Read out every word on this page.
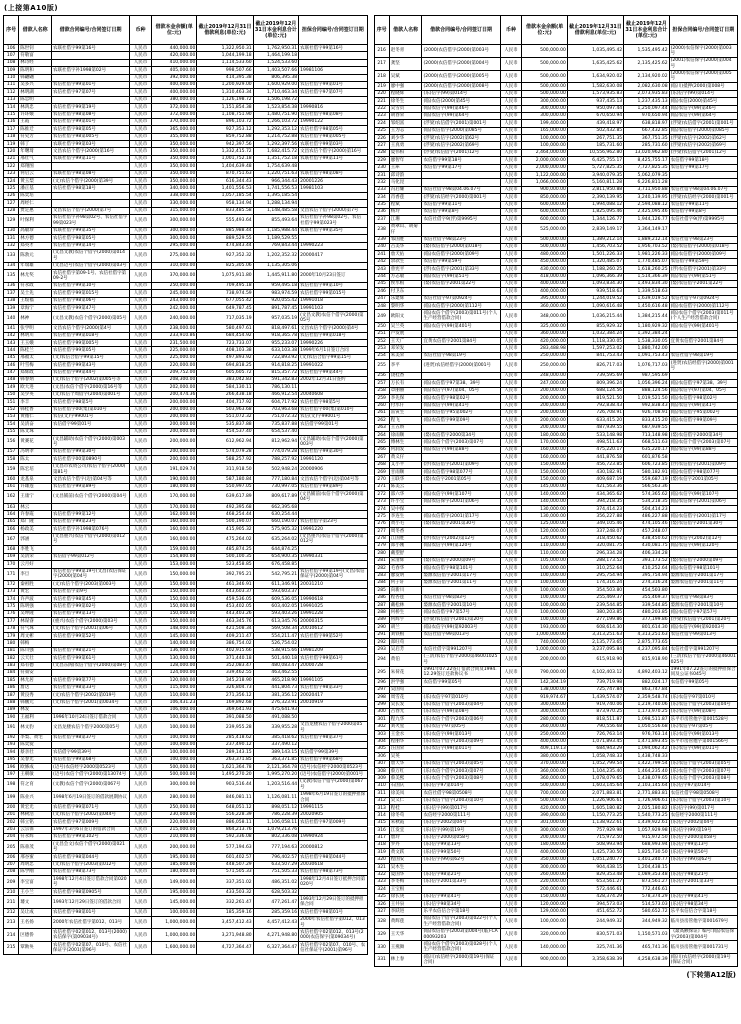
(上接第A10版)
序号	借款人名称	借款合同编号/合同签订日期	币种	借款本金余额(单位:元)	截止2019年12月31日借款利息(单位:元)	截止2019年12月31日本金利息合计(单位:元)	担保合同编号/合同签订日期
106	陈世钊	农联社借字99第16号	人民币	440,000.00	1,322,950.31	1,762,950.31	农联社借字99第16号
107	符敬富		人民币	420,000.00	1,044,199.18	1,464,199.18	
108	林诗经		人民币	410,000.00	1,114,533.60	1,524,533.60	
109	陈明和	农联社借字补1998第02号	人民币	405,000.00	998,507.66	1,403,507.66	19981106
110	韩翩翩		人民币	392,000.00	414,395.38	806,395.38	
111	吴多兴	农信社借字99第01号	人民币	400,000.00	1,200,929.00	1,600,929.00	农信社借字99第01号
112	林明湖	农信社借字97第07号	人民币	400,000.00	1,310,463.34	1,710,463.34	农信社借字97第07号
113	陈忠明		人民币	380,000.00	1,126,198.72	1,506,198.72	
114	林鸿忠	农信社借字99第19号	人民币	372,000.00	1,151,854.38	1,523,854.38	19990816
115	许环娥	农信社借字98第08号	人民币	372,000.00	1,108,751.90	1,480,751.90	农信社借字98第08号
116	王霞	农信社借字99第01号	人民币	370,000.00	896,103.72	1,266,103.72	19990122
117	陈推迁	农信社借字98第05号	人民币	365,000.00	927,353.12	1,292,353.12	农信社借字98第05号
118	符史芳	农信社借字98第005号	人民币	355,000.00	859,752.88	1,214,752.88	农信社借字98第005号
119	韩丁	农联社借字99第03号	人民币	350,000.00	942,397.56	1,292,397.56	农联社借字99第03号
120	年曙琦	文昌农信个借字(2000)第16号	人民币	350,000.00	1,332,415.72	1,682,415.72	文昌农信个借字(2000)第16号
121	邢壮气	农联社借字99第11号	人民币	350,000.00	1,001,752.18	1,351,752.18	农联社借字99第11号
122	郑翔图		人民币	350,000.00	1,404,639.48	1,754,639.48	
123	何启云	农联社借字98第08号	人民币	350,000.00	870,751.63	1,220,751.63	农联社借字98第08号
124	黄玉梨	(文)农信个借字(2000)第39号	人民币	350,000.00	616,344.43	966,344.43	20001226
125	潘正基	农信社借字98第18号	人民币	340,000.00	1,401,556.53	1,741,556.53	19981103
126	陈奕培		人民币	338,000.00	1,057,185.54	1,395,185.54	
127	周经仁		人民币	330,000.00	958,134.94	1,288,134.94	
128	贾定惠	文昌农信个借字(2000)第7号	人民币	315,000.00	833,485.58	1,148,485.58	文昌农信个借字(2000)第7号
129	叶保利	农信社借字补98第02号、农信社借字99第023号	人民币	300,000.00	555,493.64	855,493.64	农信社借字补98第02号、农信社借字99第023号
130	高敏珍	农联社借字99第35号	人民币	300,000.00	885,988.44	1,185,988.44	农联社借字99第35号
131	林方德	农信社借字98第05号	人民币	300,000.00	889,529.55	1,189,529.55	
132	郑英才	农信社借字99第14号	人民币	295,000.00	474,843.44	769,843.44	19990223
133	陈勃元	(文昌文教)农信个借字(2000)第014号	人民币	275,000.00	927,352.32	1,202,352.32	20000417
134	年瑞雄	(文昌迈号)农信个借字(2000)第03号	人民币	310,000.00	825,305.06	1,135,305.06	
135	林尤奖	农信社借字第09-1号、农信社借字第09-2号	人民币	370,000.00	1,075,911.80	1,445,911.80	2000年10月23日签订
136	符永政	农信社借字99第10号	人民币	250,000.00	709,495.18	959,495.18	农信社借字99第10号
137	吴士先	农信社借字99第015号	人民币	245,000.00	738,974.59	983,974.59	农信社借字99第015号
138	王绥福	农信社借字98第06号	人民币	243,000.00	677,055.42	920,055.42	19991018
139	章海宁	农信社借字99第47号	人民币	242,000.00	649,787.45	891,787.45	19991103
140	林神	(文昌文教)农信个借字(2000)第05号	人民币	240,000.00	717,035.19	957,035.19	(文昌文教)农信个借字(2000)第05号
141	张学明	文昌农信个借字(2000)第4号	人民币	238,000.00	580,497.61	818,497.61	文昌农信个借字(2000)第4号
142	林明川	农信社借字99第018号	人民币	233,910.86	684,454.92	918,365.78	农信社借字99第018号
143	王玉娥	农信社借字99第005号	人民币	231,500.00	723,733.07	955,233.07	19990226
144	陈桂兰	农信社借字99第05号	人民币	225,000.00	408,103.38	633,103.38	1999年6月1日签订合同
145	邢福太	(文)农信合借字99第15号	人民币	225,000.00	497,893.92	722,893.92	(文)农信合借字99第15号
146	叶雪梅	农信社借字99第43号	人民币	220,000.00	694,818.25	914,818.25	19991022
147	郑辉政	农信社借字99第44号	人民币	209,752.00	605,605.72	815,357.72	农信社借字99第44号
148	韩春炳	(文)农信个借字(2002)第005号等	人民币	208,300.00	383,042.83	591,342.83	2002年12月31日签约
149	欧大进	(文昌)农信个借字(2000)第16号等	人民币	202,000.00	584,130.11	786,130.11	
150	吴少英	(文)农信个周借字(2004)第001号	人民币	200,474.36	266,438.18	466,912.54	20040608
151	李丰	农信社借字98第5号	人民币	200,000.00	404,717.92	604,717.92	农信社借字98第5号
152	韩桂香	农信社借字00(集)第010号	人民币	200,000.00	503,963.68	703,963.68	农信社借字00(集)第010号
153	黄循仁	农信(文)字99001号	人民币	200,000.00	551,072.32	751,072.32	农信(文)字99001号
154	吴清奋	农信借字99第01号	人民币	200,000.00	535,837.88	735,837.88	农信借字99第01号
155	陈文珠		人民币	200,000.00	454,537.40	654,537.40	
156	黄赛花	(文昌辅助)农信个借字(2000)第003号	人民币	200,000.00	612,962.94	812,962.94	(文昌辅助)农信个借字(2000)第003号
157	冯明孝	农信社借字99第30号	人民币	200,000.00	574,079.28	774,079.28	农信社借字99第30号
158	陈太	农信社借字00第0890号	人民币	200,000.00	588,257.92	788,257.92	19991120
159	陈宏培	(文昌市农资公司)农信个借字(2000)第81号	人民币	191,029.74	311,918.50	502,948.24	20000906
160	龙基泉	文昌农信个借字(迈)第04号等	人民币	190,000.00	587,180.84	777,180.84	文昌农信个借字(迈)第04号等
161	许雄莲	农信社借字99第89号	人民币	180,000.00	550,997.05	730,997.05	农信社借字99第89号
162	王康宁	(文昌铺前)农信个借字(2000)第04号	人民币	170,000.00	639,617.89	809,617.89	(文昌铺前)农信个借字(2000)第04号
163	林云		人民币	170,000.00	492,395.68	662,395.68	
164	许春霞	农信社借字99第12号	人民币	162,000.00	468,254.44	630,254.44	
165	郑广隆	农信社借字99第23号	人民币	160,000.00	500,190.07	660,190.07	农信社借字第23号
166	杨政美	农信社借字补1998第076号	人民币	160,000.00	415,905.32	575,905.32	19991220
167	郭涵	(文昌重兴)农信个借字(2000)第012号	人民币	160,000.00	475,264.02	635,264.02	(文昌重兴)农信个借字(2000)第012号
168	李胜飞		人民币	159,000.00	485,874.25	644,874.25	
169	吴清荣	农信借字99第012号	人民币	154,800.00	500,100.35	654,900.35	19990331
170	云月好		人民币	153,000.00	523,458.85	676,458.85	
171	李旦	农信社借字99第19号(文昌)农信保证字(2000)第04号	人民币	150,000.00	392,795.21	542,795.21	农信社借字99第19号(文昌)农信保证字(2000)第04号
172	秦祖胜	(文)农信个借字(2003)第003号	人民币	150,000.00	461,346.91	611,346.91	20031210
173	黄宏	农信社借字第9号	人民币	150,000.00	443,603.37	593,603.37	
174	许声波	农信社借字98第45号	人民币	150,000.00	459,536.05	609,536.05	19990618
175	陈明强	农信社借字99第02号	人民币	150,000.00	453,402.05	603,402.05	19991025
176	吴坤隆	农信社借字99第13号	人民币	150,000.00	443,403.26	593,403.26	19991228
177	林谋睿	(重兴)农信个借字(2000)第03号	人民币	150,000.00	463,345.76	613,345.76	20000315
178	符气珠	(文)农信个借字(2001)第06号	人民币	148,000.00	421,508.34	569,508.34	20010612
179	周文彬	农信社借字99第52号	人民币	145,000.00	409,211.47	554,211.47	农信社借字99第52号
180	韩梅		人民币	140,000.00	386,754.02	526,754.02	
181	陈川强	农信社借字98第21号	人民币	136,000.00	402,915.66	538,915.66	19981209
182	云天壮	农信社借字99第61号	人民币	130,000.00	371,440.18	501,440.18	农信社借字99第61号
183	郑有德	(文昌东阁)农信个借字(2000)第08号	人民币	128,000.00	352,083.47	480,083.47	20000728
184	符策安		人民币	124,000.00	339,462.55	463,462.55	
185	林尤居	农信社借字99第77号	人民币	120,000.00	345,218.90	465,218.90	19991105
186	詹达	农信社借字98第33号	人民币	115,000.00	326,804.73	441,804.73	农信社借字98第33号
187	黄良秀	(文)农信个借字(2002)第019号	人民币	110,000.00	271,356.12	381,356.12	20020417
188	韩鹏元	(文)农信个借字(2001)第0034号	人民币	106,431.23	169,892.68	276,323.91	20010919
189	林发		人民币	106,000.00	369,641.93	475,641.93	
190	王福利	1996年10月24日签订借款合同	人民币	100,000.00	391,088.50	491,088.50	
191	林文豹	文昌龙楼农信个借字2000第05号	人民币	100,000.00	239,955.28	339,955.28	文昌龙楼农信个借字2000第05号
192	李梨、黄宅	农信社借字98第37号	人民币	100,000.00	285,418.62	385,418.62	农信社借字98第37号
193	陈奕爱		人民币	100,000.00	237,490.12	337,490.12	
194	蔡亲壮	农信借字99第39号	人民币	100,000.00	289,143.15	389,143.15	农信借字99第39号
195	吴春光	农信社借字99第68号	人民币	100,000.00	263,371.85	363,371.85	农信社借字99第68号
196	欧修成	(迈号)农信经字2000第0523号	人民币	500,000.00	1,621,364.78	2,121,364.78	(迈号)农信经字2000第0523号
197	王朝敏	(迈号)农信个借字(2000)第13074号	人民币	500,000.00	1,495,270.20	1,995,270.20	(迈号)农信借字(2000)第001号
198	符之育	(文教)农信个借字(2000)第067号	人民币	300,000.00	903,516.44	1,203,516.44	(文教)农信个借字(2000)第067号
199	陈业兴	1998年6月19日签订的借款展期协议	人民币	280,000.00	846,081.11	1,126,081.11	1998年6月19日签订的抵押担保合同
200	黄宏光	农信社借字99第071号	人民币	250,000.00	648,051.12	898,051.12	19991115
201	林树浩	(文)农信个借字(2002)第044号	人民币	230,000.00	556,228.39	786,228.39	20020905
202	韩立铭	农信社借字97第009号	人民币	220,000.00	886,058.11	1,106,058.11	农信社借字97第009号
203	云宗保	1997年3月6日签订的借款合同	人民币	215,000.00	864,213.76	1,079,213.76	
204	符永辉	农信社借字99第102号	人民币	210,000.00	592,336.08	802,336.08	19990924
205	陈垂茂	(文昌会文)农信个借字(2000)第021号	人民币	200,000.00	577,194.63	777,194.63	20000812
206	邢谷蜜	农信社借字98第044号	人民币	195,000.00	601,402.57	796,402.57	农信社借字98第044号
207	周明忠	(文)农信个借字(2003)第012号	人民币	185,000.00	448,507.29	633,507.29	20030618
208	陈学刚	农信社借字98第73号	人民币	180,000.00	571,505.33	751,505.33	农信社借字98第73号
209	李宝富	1998年12月4日签订借款合同第020号	人民币	149,000.00	337,351.02	486,351.02	1998年12月4日签订抵押合同第020号
210	王小兰	农信社借字98第0905号	人民币	195,000.00	433,503.32	628,503.32	
211	璩文	1993年12月29日签订的借款合同	人民币	145,000.00	332,261.47	477,261.47	1993年12月29日签订的抵押担保合同
212	吴让成	农信社借字98第01号	人民币	100,000.00	185,359.16	285,359.16	农信社借字98第01号
213	王名扬	2000年农信社借字第012、013号	人民币	1,000,000.00	3,457,412.43	4,457,412.43	2000年农信社借字第012、013号
214	区德侨	农信社借字02第012、013号(2000)农信保字(第09034号)	人民币	1,000,000.00	3,271,948.80	4,271,948.80	农信社借字02第012、013号(2000)农信保字(第09034号)
215	覃勋奂	农信社借字02第07、010号、农信社保证字(2001)第96号	人民币	1,600,000.00	4,727,364.47	6,327,364.47	农信社借字02第07、010号、农信社保证字(2001)第96号
序号	借款人名称	借款合同编号/合同签订日期	币种	借款本金余额(单位:元)	截止2019年12月31日借款利息(单位:元)	截止2019年12月31日本金利息合计(单位:元)	担保合同编号/合同签订日期
216	赵冬青	(2000)农信借字(2000)第003号	人民币	500,000.00	1,035,495.42	1,535,495.42	(2000)农信保字(2000)第003号
217	龚坚	(2000)农信借字(2000)第004号	人民币	500,000.00	1,635,425.62	2,135,425.62	(2001)农信保字(2000)第004号
218	吴斌	(2000)农信借字(2000)第005号	人民币	500,000.00	1,634,920.02	2,134,920.02	(2000)农信保字(2000)第005号
219	廖中强	(2000)农信借字(2000)第008号	人民币	500,000.00	1,582,630.08	2,082,630.08	(临川)抵押(2000)第008号
220	程晓辉	(乐)信字(99)第014号	人民币	500,000.00	1,573,935.83	2,073,935.83	(乐)信字(99)第014号
221	徐冬生	(临)农信(2000)第45号	人民币	300,000.00	937,435.13	1,237,435.13	(临)农信(2000)第45号
222	吴雪贞	(临)农信字(99)第46号	人民币	300,000.00	950,097.44	1,250,097.44	(临)农信字(99)第46号
223	胡春荣	(临)农信字(99)第64号	人民币	300,000.00	670,650.94	970,650.94	(临)农信字(99)第64号
224	邹绍富	(浮梁)农信借字(2001)第001号	人民币	199,400.00	439,418.97	638,818.97	(浮梁)农信借字(2001)第001号
225	王为志	(临)农信借字(2000)第085号	人民币	165,000.00	502,432.85	667,432.85	(临)农信借字(2000)第085号
226	刘少华	(浮梁)农信字(2002)第62号	人民币	100,000.00	267,751.35	367,751.35	(浮梁)农信字(2002)第62号
227	王真勇	(浮梁)农信字(2002)第69号	人民币	100,000.00	185,731.60	285,731.60	(浮梁)农信字(2002)第69号
228	夏伟柏	(浮梁)农信借字(2001)12号	人民币	2,464,000.00	10,556,962.80	13,020,962.80	(浮梁)农信借字(2001)12号
229	廖智年	农信借字99第18号	人民币	2,000,000.00	6,425,755.17	8,425,755.17	农信借字99第18号
230	王犀	农信借字99第17号	人民币	2,000,000.00	5,727,825.35	7,727,825.35	农信借字99第17号
231	邱诗韵		人民币	1,122,000.00	3,940,079.35	5,062,079.35	
232	马化昆		人民币	1,066,000.00	5,160,811.28	6,226,811.28	
233	冯启耀	农信社借字98第04.06.07号	人民币	900,000.00	2,811,950.88	3,711,950.88	农信社借字98第04.06.07号
234	肖香莲	(浮梁)农信经字(2000)第001号	人民币	850,000.00	2,390,139.95	3,240,139.95	(浮梁)农信经字(2000)第001号
235	程斌	农信借字99第11号	人民币	600,000.00	1,994,088.12	2,594,088.12	农信借字99第11号
236	杨玲	农信借字99第8号	人民币	600,000.00	1,825,095.46	2,425,095.46	农信借字99第8号
237	江珊	农信社借字9(浮)第9995号	人民币	600,000.00	1,344,126.77	1,944,126.77	农信社借字9(浮)第9995号
238	黄翠山、胡菊仔		人民币	525,000.00	2,839,149.17	3,364,149.17	
239	邹国胜	农信社借字98第23号	人民币	500,000.00	1,389,212.14	1,889,212.14	农信社借字98第23号
240	占美华	(婺)农信借字(2000)第018号	人民币	500,000.00	1,456,703.52	1,956,703.52	(婺)农信借字(2000)第018号
241	詹天佑	(临)农信借字(2000)第09号	人民币	480,000.00	1,501,226.33	1,981,226.33	(临)农信借字(2000)第09号
242	余款生	农信借字99第59号	人民币	450,000.00	1,320,485.07	1,770,485.07	农信借字99第59号
243	曾宪平	(浮)农信借字(2001)第33号	人民币	430,000.00	1,188,260.25	1,618,260.25	(浮)农信借字(2001)第33号
244	方志敏	(临)农信字(99)第51号	人民币	418,000.00	1,096,366.39	1,514,366.39	(临)农信字(99)第51号
245	侯水根	(婺)农信借字2001第22号	人民币	400,000.00	1,093,834.30	1,493,834.30	(婺)农信借字2001第22号
246	付卫东		人民币	400,000.00	939,518.63	1,339,518.63	
247	乐建辉	农信社借字97第0924号	人民币	395,000.00	1,244,019.52	1,639,019.52	农信社借字97第0924号
248	黎明华	(临)农信借字(2000)第112号	人民币	360,000.00	1,090,616.48	1,450,616.48	(临)农信借字(2000)第112号
249	欧阳文	(临)农信个借字(2003)第011号(个人生产经营借款合同)	人民币	348,000.00	1,036,215.44	1,384,215.44	(临)农信个借字(2003)第011号(个人生产经营借款合同)
250	吴兰英	(临)农信字(99)第401号	人民币	325,000.00	855,929.32	1,180,929.32	(临)农信字(99)第401号
251	卢发展		人民币	360,000.00	1,032,384.24	1,392,384.24	
252	王天广	宜黄农信借字2001第84号	人民币	420,000.00	1,118,330.05	1,538,330.05	宜黄农信借字2001第84号
253	邓荣发		人民币	283,488.98	1,597,253.02	1,880,742.00	
254	朱美荣	农信社借字98第19号	人民币	250,000.00	841,753.43	1,091,753.43	农信社借字98第19号
255	李平	(进贤)农信经借字(2000)第001号	人民币	250,000.00	826,717.03	1,076,717.03	(进贤)农信经借字(2000)第001号
256	饶桂香		人民币	248,000.00	739,595.69	987,595.69	
257	万长有	(临)农信借字97第38、39号	人民币	247,000.00	809,396.24	1,056,396.24	(临)农信借字97第38、39号
258	章丽丽	(临)农信字(97)第04、05号	人民币	200,000.00	688,124.56	888,124.56	(临)农信字(97)第04、05号
259	李先保	(临)农信借字98第02号	人民币	200,000.00	819,521.50	1,019,521.50	(临)农信借字98第02号
260	付水仔	(临)农信字(99)第41号	人民币	200,000.00	792,838.43	992,838.43	(临)农信字(99)第41号
261	雷寅生	(临)农信借字95第002号	人民币	200,000.00	726,708.91	926,708.91	(临)农信借字95第002号
262	程飞	(临)农信借字99第09号	人民币	200,000.00	633,415.20	833,415.20	(临)农信借字99第09号
263	王五娇		人民币	200,000.00	487,939.55	687,939.55	
264	徐雨顺	(婺)农信借字2000第34号	人民币	180,000.00	533,148.98	713,148.98	(婺)农信借字2000第34号
265	傅林生	(临)农信个借字(2003)第07号	人民币	170,000.00	498,511.63	668,511.63	(临)农信个借字(2003)第07号
266	何润发	(临)农信字(99)第88号	人民币	160,000.00	475,220.17	635,220.17	(临)农信字(99)第88号
267	黄义仔		人民币	160,000.00	441,876.58	601,876.58	
268	艾小平	(浮)农信借字(2001)第09号	人民币	150,000.00	456,723.85	606,723.85	(浮)农信借字(2001)第09号
269	甘雨顺	(临)农信借字98第077号	人民币	150,000.00	430,182.91	580,182.91	(临)农信借字98第077号
270	王联华	(婺)农信字2001第05号	人民币	150,000.00	409,687.19	559,687.19	(婺)农信字2001第05号
271	陈美云		人民币	145,000.00	421,563.36	566,563.36	
272	邵六华	(临)农信字(99)第107号	人民币	140,000.00	434,365.62	574,365.62	(临)农信字(99)第107号
273	许小宝	(临)农信保字(2001)第06号	人民币	140,000.00	394,218.35	534,218.35	(临)农信保字(2001)第06号
274	吴中保		人民币	130,000.00	374,414.23	504,414.23	
275	李连生	(临)农信借字(2001)第17号	人民币	130,000.00	356,227.88	486,227.88	(临)农信借字(2001)第17号
276	黄小毛	(婺)农信借字2001第30号	人民币	125,000.00	349,105.46	474,105.46	(婺)农信借字2001第30号
277	周冬香		人民币	120,000.00	337,248.07	457,248.07	
278	江国胜	(浮)农信字(2002)第12号	人民币	120,000.00	318,450.62	438,450.62	(浮)农信字(2002)第12号
279	郑小刚	(临)农信字(99)第120号	人民币	110,000.00	320,081.75	430,081.75	(临)农信字(99)第120号
280	戴望舒		人民币	110,000.00	296,334.28	406,334.28	
281	宋清辉	(婺)农信借字2000第09号	人民币	105,000.00	288,173.52	393,173.52	(婺)农信借字2000第09号
282	毛春华	(临)农信借字98第101号	人民币	100,000.00	310,252.64	410,252.64	(临)农信借字98第101号
283	廖发明	婺源农信借字2001第17号	人民币	100,000.00	295,754.94	395,754.94	婺源农信借字2001第17号
284	何子轩	婺源农信借字2001第11号	人民币	100,000.00	174,316.24	274,316.24	婺源农信借字2001第11号
285	向新川		人民币	100,000.00	354,503.80	454,503.80	
286	程杏莲	农信社借字98第83号	人民币	100,000.00	255,469.37	355,469.37	农信社借字98第83号
287	戴松林	婺源农信借字2001第10号	人民币	100,000.00	239,544.85	339,544.85	婺源农信借字2001第10号
288	何桥生	(临)农信借字97第57号	人民币	100,000.00	380,203.85	480,203.85	(临)农信借字97第57号
289	何辉宇	(浮梁)农信借字(2001)第20号	人民币	100,000.00	277,199.86	377,199.86	(浮梁)农信借字(2001)第20号
290	胡兰	(临)农信字(99)第92003号	人民币	193,000.00	608,614.30	801,614.30	(临)农信字(99)第92003号
291	刘铁根	农信社借字99第013号	人民币	1,000,000.00	3,313,251.63	4,313,251.63	农信社借字99第013号
292	郑旺苟		人民币	740,000.00	2,135,773.65	2,875,773.65	
293	吴启芳	农信社借字第991207号	人民币	1,000,000.00	3,237,095.84	4,237,095.84	农信社借字第991207号
294	黄伯	(三清)农信个借字2000第46001025号	人民币	200,000.00	615,918.90	815,918.90	(三清)农信个借字2000第46001025号
295	朱荷花	1991年07.22签订借款合同及1994.12.29签订还款协议书	人民币	790,000.00	4,102,403.12	4,892,403.12	1991年07.22签订的抵押担保合同及公证书045号
296	洪学强	农信借字99第05号	人民币	142,304.19	739,719.98	882,024.17	农信借字99第05号
297	吴国苟		人民币	138,000.00	725,747.84	863,747.84	
298	周雪花	(乐)农信字97第010号	人民币	919,974.67	1,439,574.07	2,359,548.74	(乐)农信字97第010号
299	吴长发	(乐)农信个借字(2003)第04号	人民币	300,000.00	919,740.06	1,219,740.06	(乐)农信个借字(2003)第04号
300	占春光	(乐)农信字(99)第08号	人民币	300,000.00	873,970.25	1,173,970.25	(乐)农信字(99)第08号
301	程九华	(乐)农信个借字(2003)第06号	人民币	280,000.00	818,511.87	1,098,511.87	乐平市房管他字第001528号
302	刘火星	(乐)农信字97第05号	人民币	260,000.00	790,556.68	1,050,556.68	(乐)农信字97第05号
303	王金水	(乐)农信字(99)第013号	人民币	250,000.00	726,763.14	976,763.14	(乐)农信字(99)第013号
304	程丽华	(乐)农信个借字(2003)第09号	人民币	400,000.00	1,071,893.45	1,471,893.45	乐平市房管他字第001566号
305	汪国荣	(乐)农信字(99)第011号	人民币	409,119.13	684,943.29	1,094,062.42	(乐)农信字(99)第011号
306	吴英		人民币	380,000.00	1,058,748.33	1,438,748.33	
307	詹天华	(乐)农信个借字(2003)第05号	人民币	370,000.00	1,052,799.54	1,422,799.54	(乐)农信个借字(2003)第05号
308	蔡万红	(乐)农信个借字(2003)第07号	人民币	360,000.00	1,104,235.40	1,464,235.40	(乐)农信个借字(2003)第07号
309	蔡美熙	(乐)农信个借字(2003)第08号	人民币	360,000.00	1,078,079.65	1,438,079.65	(乐)农信个借字(2003)第08号
310	石国庆	(乐)信字97第014号	人民币	500,000.00	1,603,145.64	2,103,145.64	(乐)信字97第014号
311	徐美凤	农信社借字98第0508号	人民币	700,000.00	2,071,883.81	2,771,883.81	农信社借字98第0508号
312	吴义仁	(乐)农信个借字(2003)第10号	人民币	500,000.00	1,226,906.61	1,726,906.61	(乐)农信个借字(2003)第10号
313	程桂	(乐)信字(99)第017号	人民币	420,000.00	1,605,180.82	2,025,180.82	(乐)信字(99)第017号
314	徐冬苟	农信经字2000第111号	人民币	390,000.00	1,150,773.25	1,540,773.25	农信经字2000第111号
315	朱秋霞	(乐)信字2002第04号	人民币	301,000.00	1,138,922.61	1,439,922.61	(乐)信字2002第04号
316	江发宜	(乐)信字(99)第19号	人民币	300,000.00	757,929.98	1,057,929.98	(乐)信字(99)第19号
317	詹玲	(乐)信字2000第058号	人民币	200,000.00	715,972.50	915,972.50	(乐)信字2000第058号
318	罗丹	(乐)信字99第13号	人民币	180,000.00	508,993.94	688,993.94	(乐)信字99第13号
319	黄文跃	(乐)信字99第50号	人民币	400,000.00	1,425,730.50	1,825,730.50	(乐)信字99第50号
320	程国安	(乐)信字(99)第62号	人民币	350,000.00	1,051,240.77	1,401,240.77	(乐)信字(99)第62号
321	吴木生		人民币	300,000.00	904,438.15	1,204,438.15	
322	夏国华	(乐)信字98第21号	人民币	260,000.00	829,353.48	1,089,353.48	(乐)信字98第21号
323	李冬梅	(乐)信字2001第33号	人民币	220,000.00	653,561.27	873,561.27	(乐)信字2001第33号
324	王宝根		人民币	200,000.00	572,446.61	772,446.61	
325	徐长庚	(乐)信字99第41号	人民币	150,000.00	428,374.29	578,374.29	(乐)信字99第41号
326	王井泉	(乐)信字98第34号	人民币	120,000.00	394,573.03	514,573.03	(乐)信字98第34号
327	李跃进	乐平农信信合字第18号	人民币	129,000.00	451,652.72	580,652.72	乐平农信信合字第18号
328	黄辉莲	(临)农信个借字(2003)第022号(个人生产经营借款合同)	人民币	100,000.00	244,949.32	344,949.32	临川县房管他字第001679号
329	王天华	(临)农信借字(2003)第004号(临)·CA00093203	人民币	320,000.00	830,571.03	1,150,571.03	《最高额保证》编号:(临)农信保字(2003)第004号
330	王燕舞	(临)农信个借字(2003)第028号(个人生产经营借款合同)	人民币	140,000.00	325,741.36	465,741.36	临川县房管他字第001731号
331	林上春	(临川)农信经字(2000)第19号(保证合同)	人民币	900,000.00	3,358,638.39	4,258,638.39	(临川)农信经字(2000)第19号(保证合同)
(下转第A12版)
